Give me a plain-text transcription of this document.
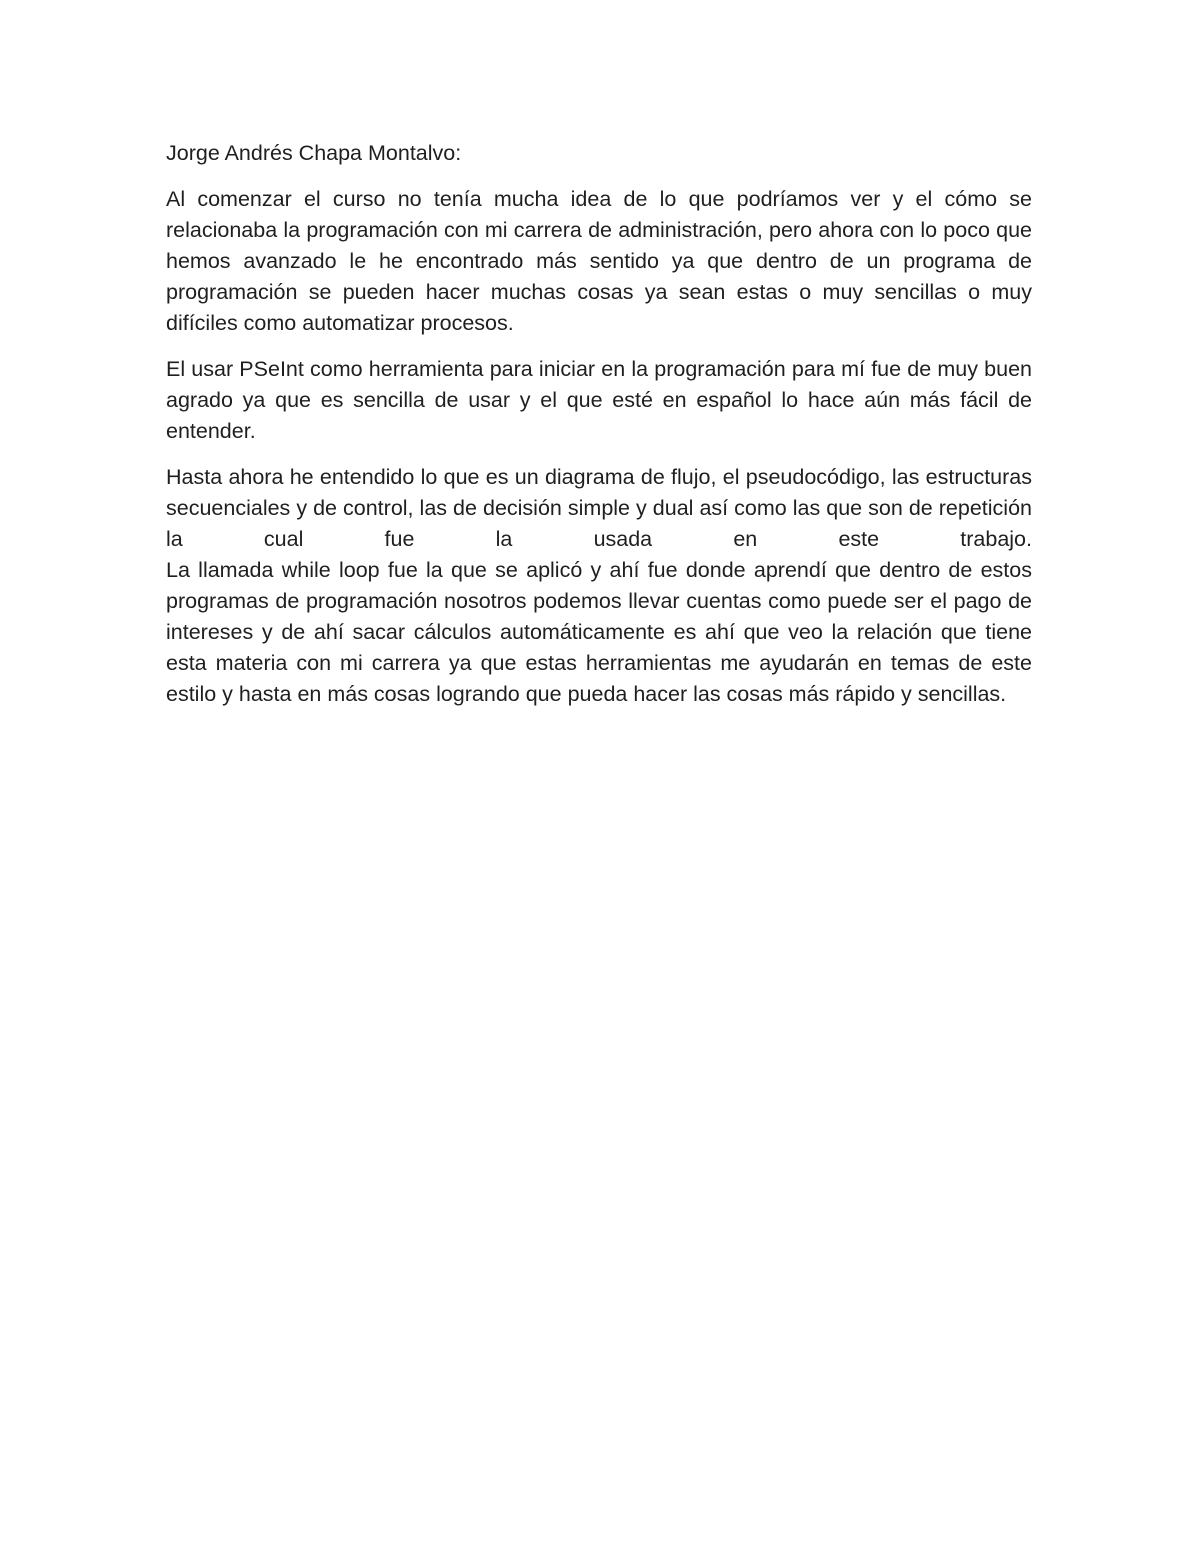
Jorge Andrés Chapa Montalvo:

Al comenzar el curso no tenía mucha idea de lo que podríamos ver y el cómo se relacionaba la programación con mi carrera de administración, pero ahora con lo poco que hemos avanzado le he encontrado más sentido ya que dentro de un programa de programación se pueden hacer muchas cosas ya sean estas o muy sencillas o muy difíciles como automatizar procesos.

El usar PSeInt como herramienta para iniciar en la programación para mí fue de muy buen agrado ya que es sencilla de usar y el que esté en español lo hace aún más fácil de entender.

Hasta ahora he entendido lo que es un diagrama de flujo, el pseudocódigo, las estructuras secuenciales y de control, las de decisión simple y dual así como las que son de repetición la cual fue la usada en este trabajo.
La llamada while loop fue la que se aplicó y ahí fue donde aprendí que dentro de estos programas de programación nosotros podemos llevar cuentas como puede ser el pago de intereses y de ahí sacar cálculos automáticamente es ahí que veo la relación que tiene esta materia con mi carrera ya que estas herramientas me ayudarán en temas de este estilo y hasta en más cosas logrando que pueda hacer las cosas más rápido y sencillas.
